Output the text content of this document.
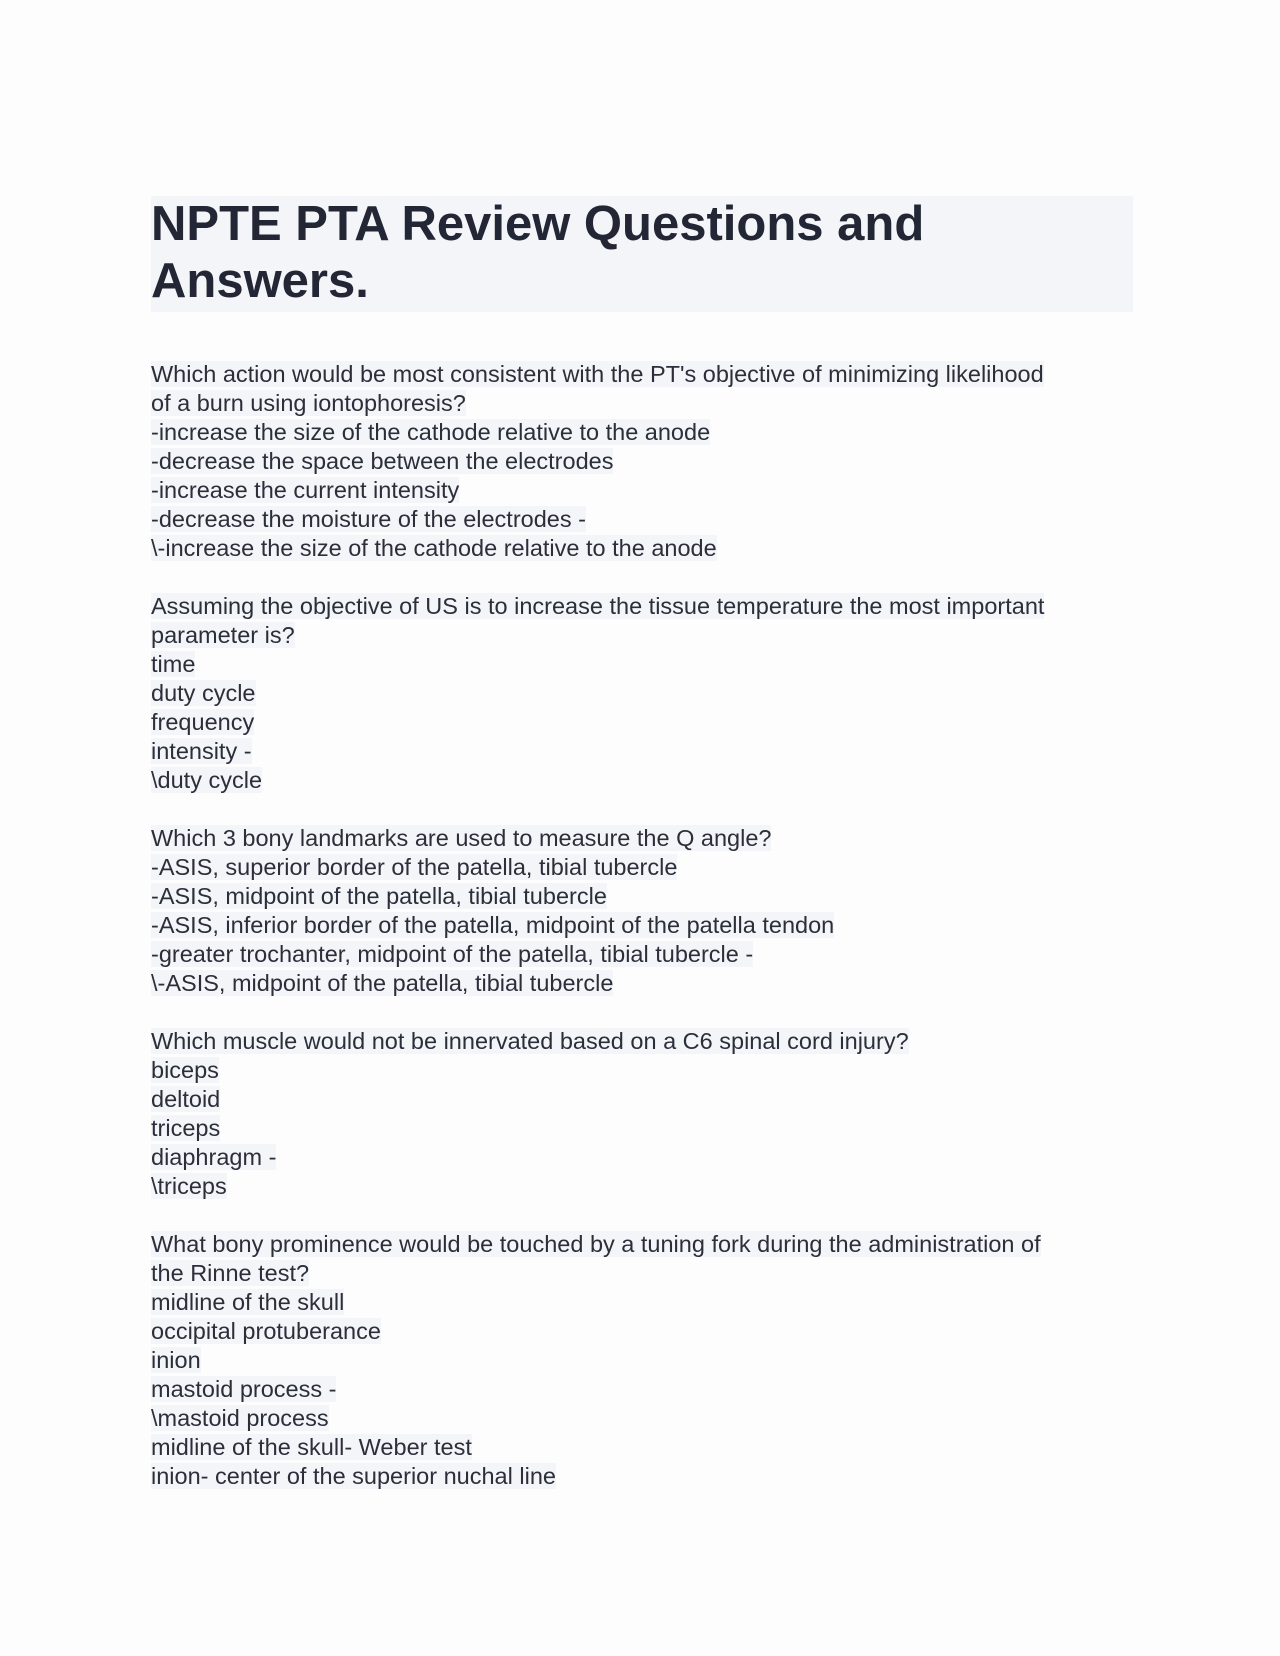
NPTE PTA Review Questions and Answers.
Which action would be most consistent with the PT's objective of minimizing likelihood
of a burn using iontophoresis?
-increase the size of the cathode relative to the anode
-decrease the space between the electrodes
-increase the current intensity
-decrease the moisture of the electrodes -
\-increase the size of the cathode relative to the anode
Assuming the objective of US is to increase the tissue temperature the most important
parameter is?
time
duty cycle
frequency
intensity -
\duty cycle
Which 3 bony landmarks are used to measure the Q angle?
-ASIS, superior border of the patella, tibial tubercle
-ASIS, midpoint of the patella, tibial tubercle
-ASIS, inferior border of the patella, midpoint of the patella tendon
-greater trochanter, midpoint of the patella, tibial tubercle -
\-ASIS, midpoint of the patella, tibial tubercle
Which muscle would not be innervated based on a C6 spinal cord injury?
biceps
deltoid
triceps
diaphragm -
\triceps
What bony prominence would be touched by a tuning fork during the administration of
the Rinne test?
midline of the skull
occipital protuberance
inion
mastoid process -
\mastoid process
midline of the skull- Weber test
inion- center of the superior nuchal line
